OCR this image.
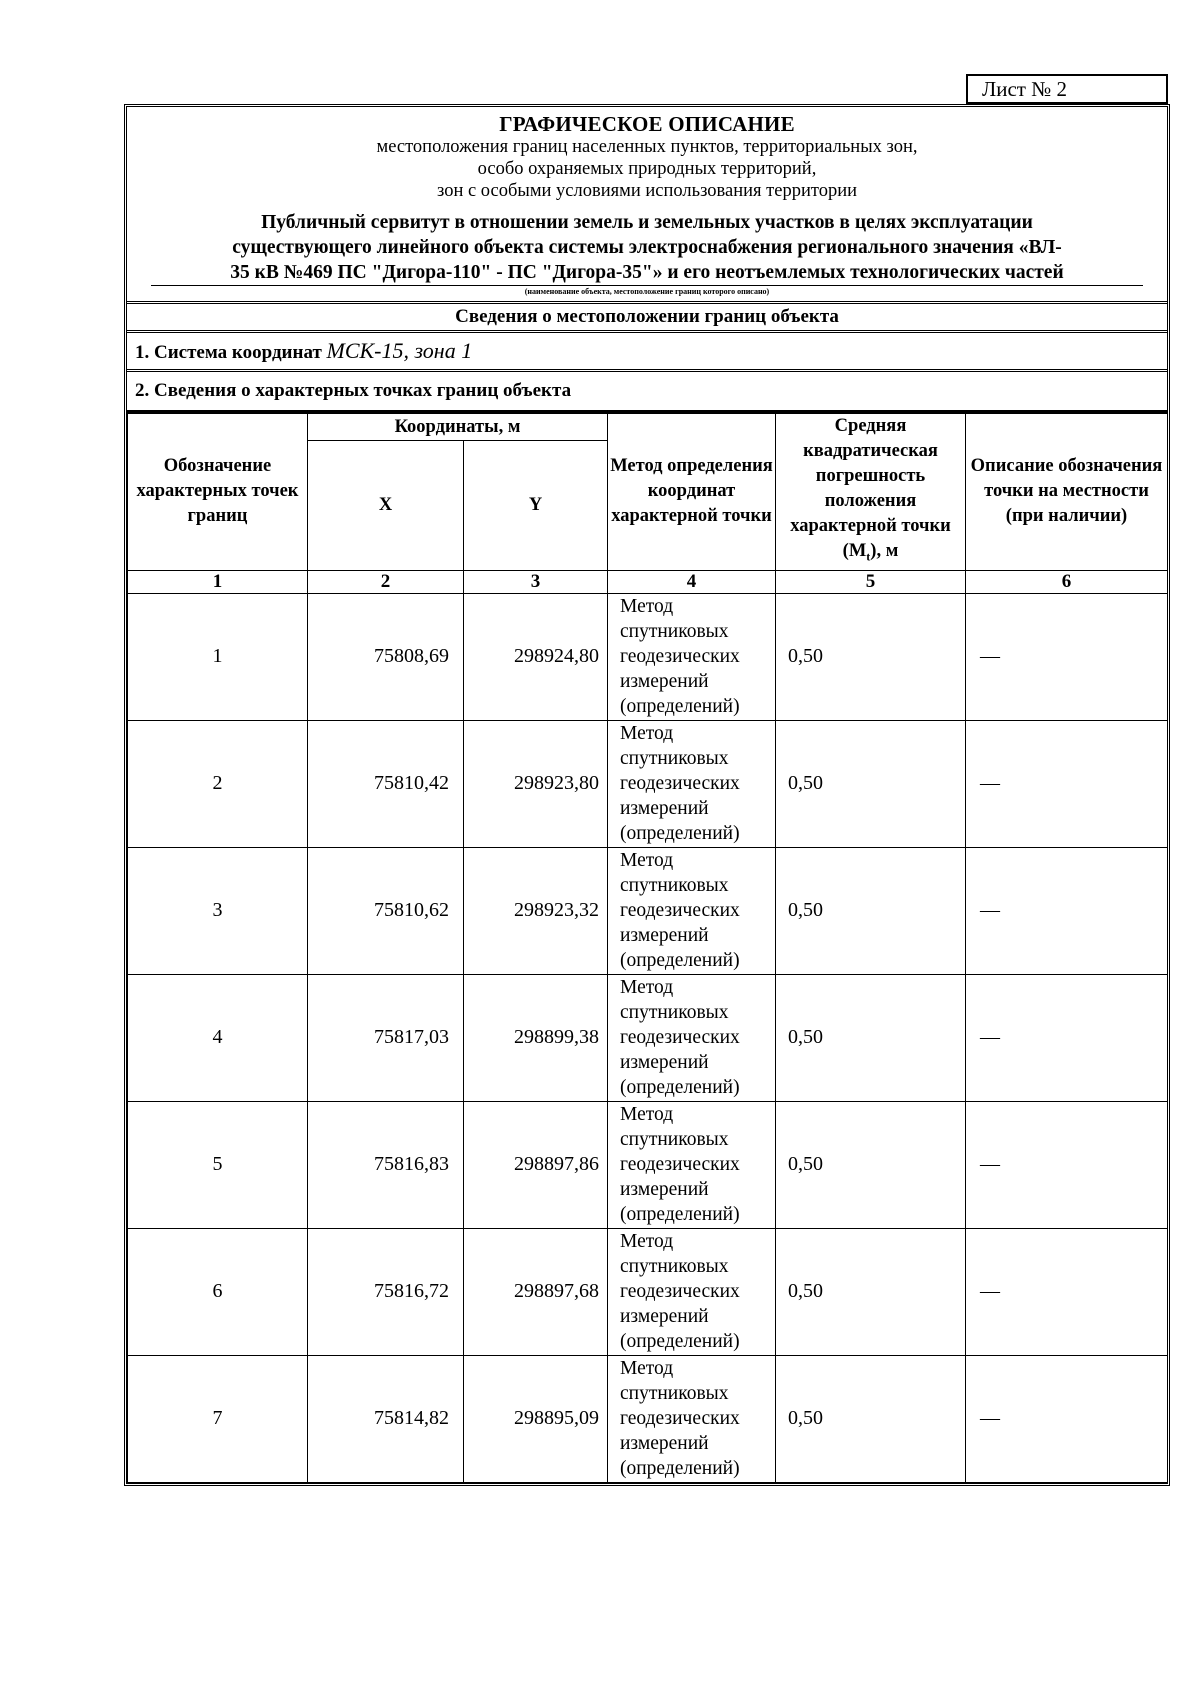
Лист № 2
ГРАФИЧЕСКОЕ ОПИСАНИЕ
местоположения границ населенных пунктов, территориальных зон,
особо охраняемых природных территорий,
зон с особыми условиями использования территории
Публичный сервитут в отношении земель и земельных участков в целях эксплуатации
существующего линейного объекта системы электроснабжения регионального значения «ВЛ-
35 кВ №469 ПС "Дигора-110" - ПС "Дигора-35"» и его неотъемлемых технологических частей
(наименование объекта, местоположение границ которого описано)
Сведения о местоположении границ объекта
1. Система координат МСК-15, зона 1
2. Сведения о характерных точках границ объекта
Обозначение характерных точек границ	Координаты, м		Метод определения координат характерной точки	Средняя квадратическая погрешность положения характерной точки $(M_t)$, м	Описание обозначения точки на местности (при наличии)
	X	Y			
1	2	3	4	5	6
1	75808,69	298924,80	Метод спутниковых геодезических измерений (определений)	0,50	—
2	75810,42	298923,80	Метод спутниковых геодезических измерений (определений)	0,50	—
3	75810,62	298923,32	Метод спутниковых геодезических измерений (определений)	0,50	—
4	75817,03	298899,38	Метод спутниковых геодезических измерений (определений)	0,50	—
5	75816,83	298897,86	Метод спутниковых геодезических измерений (определений)	0,50	—
6	75816,72	298897,68	Метод спутниковых геодезических измерений (определений)	0,50	—
7	75814,82	298895,09	Метод спутниковых геодезических измерений (определений)	0,50	—
